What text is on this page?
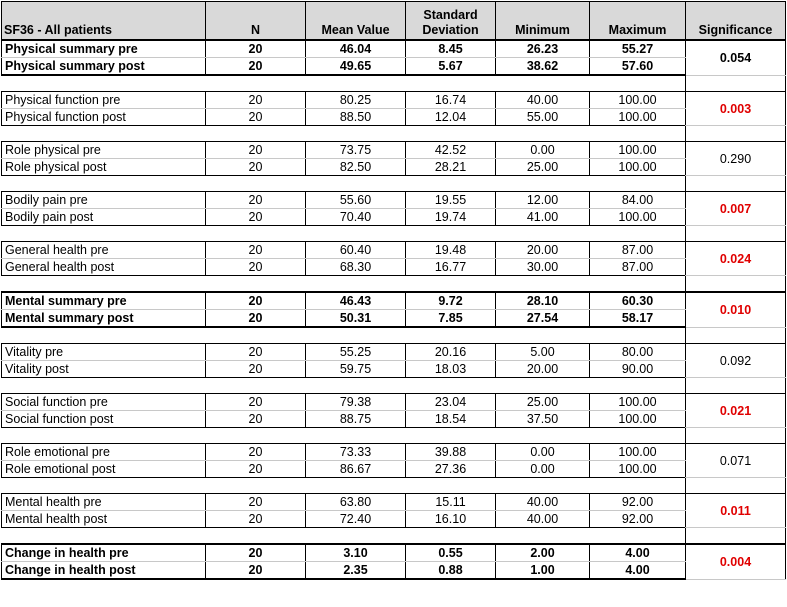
SF36 - All patients	N	Mean Value	Standard Deviation	Minimum	Maximum	Significance
Physical summary pre	20	46.04	8.45	26.23	55.27	0.054
Physical summary post	20	49.65	5.67	38.62	57.60	

Physical function pre	20	80.25	16.74	40.00	100.00	0.003
Physical function post	20	88.50	12.04	55.00	100.00	

Role physical pre	20	73.75	42.52	0.00	100.00	0.290
Role physical post	20	82.50	28.21	25.00	100.00	

Bodily pain pre	20	55.60	19.55	12.00	84.00	0.007
Bodily pain post	20	70.40	19.74	41.00	100.00	

General health pre	20	60.40	19.48	20.00	87.00	0.024
General health post	20	68.30	16.77	30.00	87.00	

Mental summary pre	20	46.43	9.72	28.10	60.30	0.010
Mental summary post	20	50.31	7.85	27.54	58.17	

Vitality pre	20	55.25	20.16	5.00	80.00	0.092
Vitality post	20	59.75	18.03	20.00	90.00	

Social function pre	20	79.38	23.04	25.00	100.00	0.021
Social function post	20	88.75	18.54	37.50	100.00	

Role emotional pre	20	73.33	39.88	0.00	100.00	0.071
Role emotional post	20	86.67	27.36	0.00	100.00	

Mental health pre	20	63.80	15.11	40.00	92.00	0.011
Mental health post	20	72.40	16.10	40.00	92.00	

Change in health pre	20	3.10	0.55	2.00	4.00	0.004
Change in health post	20	2.35	0.88	1.00	4.00	
